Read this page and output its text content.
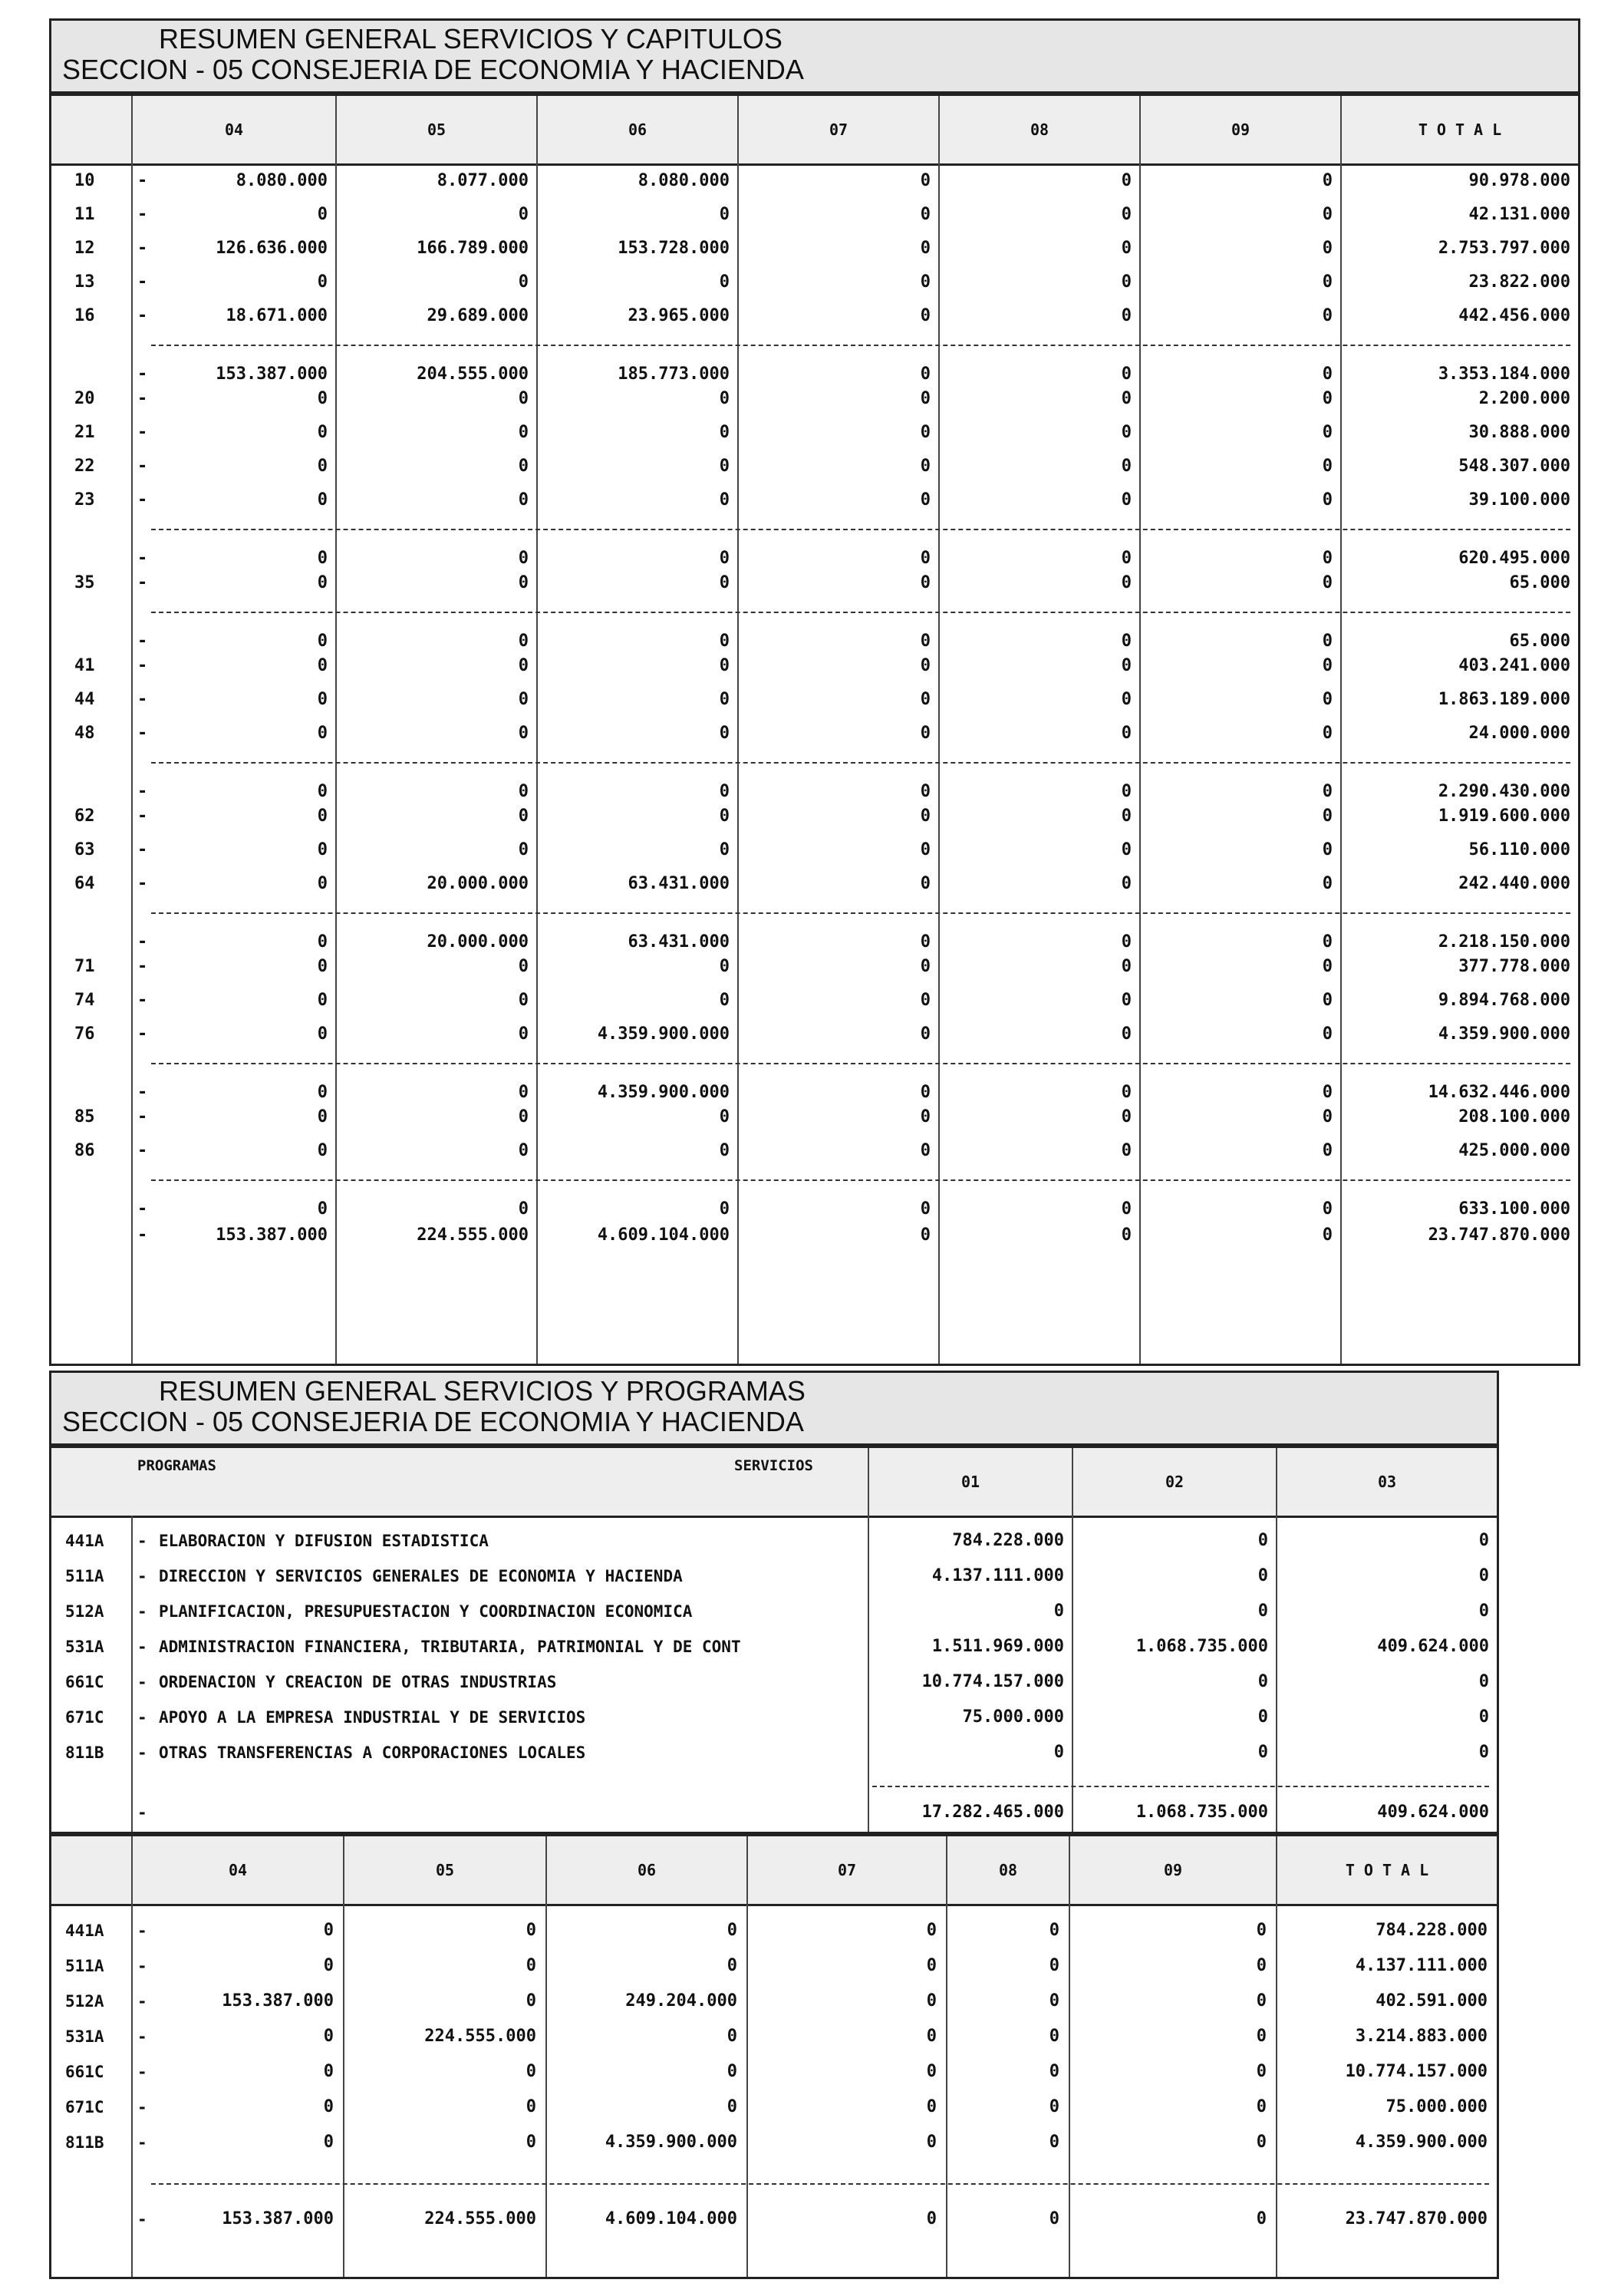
RESUMEN GENERAL SERVICIOS Y CAPITULOS
SECCION - 05 CONSEJERIA DE ECONOMIA Y HACIENDA
04	05	06	07	08	09	T O T A L
10	-	8.080.000	8.077.000	8.080.000	0	0	0	90.978.000
11	-	0	0	0	0	0	0	42.131.000
12	-	126.636.000	166.789.000	153.728.000	0	0	0	2.753.797.000
13	-	0	0	0	0	0	0	23.822.000
16	-	18.671.000	29.689.000	23.965.000	0	0	0	442.456.000
-	153.387.000	204.555.000	185.773.000	0	0	0	3.353.184.000
20	-	0	0	0	0	0	0	2.200.000
21	-	0	0	0	0	0	0	30.888.000
22	-	0	0	0	0	0	0	548.307.000
23	-	0	0	0	0	0	0	39.100.000
-	0	0	0	0	0	0	620.495.000
35	-	0	0	0	0	0	0	65.000
-	0	0	0	0	0	0	65.000
41	-	0	0	0	0	0	0	403.241.000
44	-	0	0	0	0	0	0	1.863.189.000
48	-	0	0	0	0	0	0	24.000.000
-	0	0	0	0	0	0	2.290.430.000
62	-	0	0	0	0	0	0	1.919.600.000
63	-	0	0	0	0	0	0	56.110.000
64	-	0	20.000.000	63.431.000	0	0	0	242.440.000
-	0	20.000.000	63.431.000	0	0	0	2.218.150.000
71	-	0	0	0	0	0	0	377.778.000
74	-	0	0	0	0	0	0	9.894.768.000
76	-	0	0	4.359.900.000	0	0	0	4.359.900.000
-	0	0	4.359.900.000	0	0	0	14.632.446.000
85	-	0	0	0	0	0	0	208.100.000
86	-	0	0	0	0	0	0	425.000.000
-	0	0	0	0	0	0	633.100.000
-	153.387.000	224.555.000	4.609.104.000	0	0	0	23.747.870.000
RESUMEN GENERAL SERVICIOS Y PROGRAMAS
SECCION - 05 CONSEJERIA DE ECONOMIA Y HACIENDA
PROGRAMAS	SERVICIOS
01	02	03
441A - ELABORACION Y DIFUSION ESTADISTICA	784.228.000	0	0
511A - DIRECCION Y SERVICIOS GENERALES DE ECONOMIA Y HACIENDA	4.137.111.000	0	0
512A - PLANIFICACION, PRESUPUESTACION Y COORDINACION ECONOMICA	0	0	0
531A - ADMINISTRACION FINANCIERA, TRIBUTARIA, PATRIMONIAL Y DE CONT	1.511.969.000	1.068.735.000	409.624.000
661C - ORDENACION Y CREACION DE OTRAS INDUSTRIAS	10.774.157.000	0	0
671C - APOYO A LA EMPRESA INDUSTRIAL Y DE SERVICIOS	75.000.000	0	0
811B - OTRAS TRANSFERENCIAS A CORPORACIONES LOCALES	0	0	0
-	17.282.465.000	1.068.735.000	409.624.000
04	05	06	07	08	09	T O T A L
441A -	0	0	0	0	0	0	784.228.000
511A -	0	0	0	0	0	0	4.137.111.000
512A -	153.387.000	0	249.204.000	0	0	0	402.591.000
531A -	0	224.555.000	0	0	0	0	3.214.883.000
661C -	0	0	0	0	0	0	10.774.157.000
671C -	0	0	0	0	0	0	75.000.000
811B -	0	0	4.359.900.000	0	0	0	4.359.900.000
-	153.387.000	224.555.000	4.609.104.000	0	0	0	23.747.870.000
